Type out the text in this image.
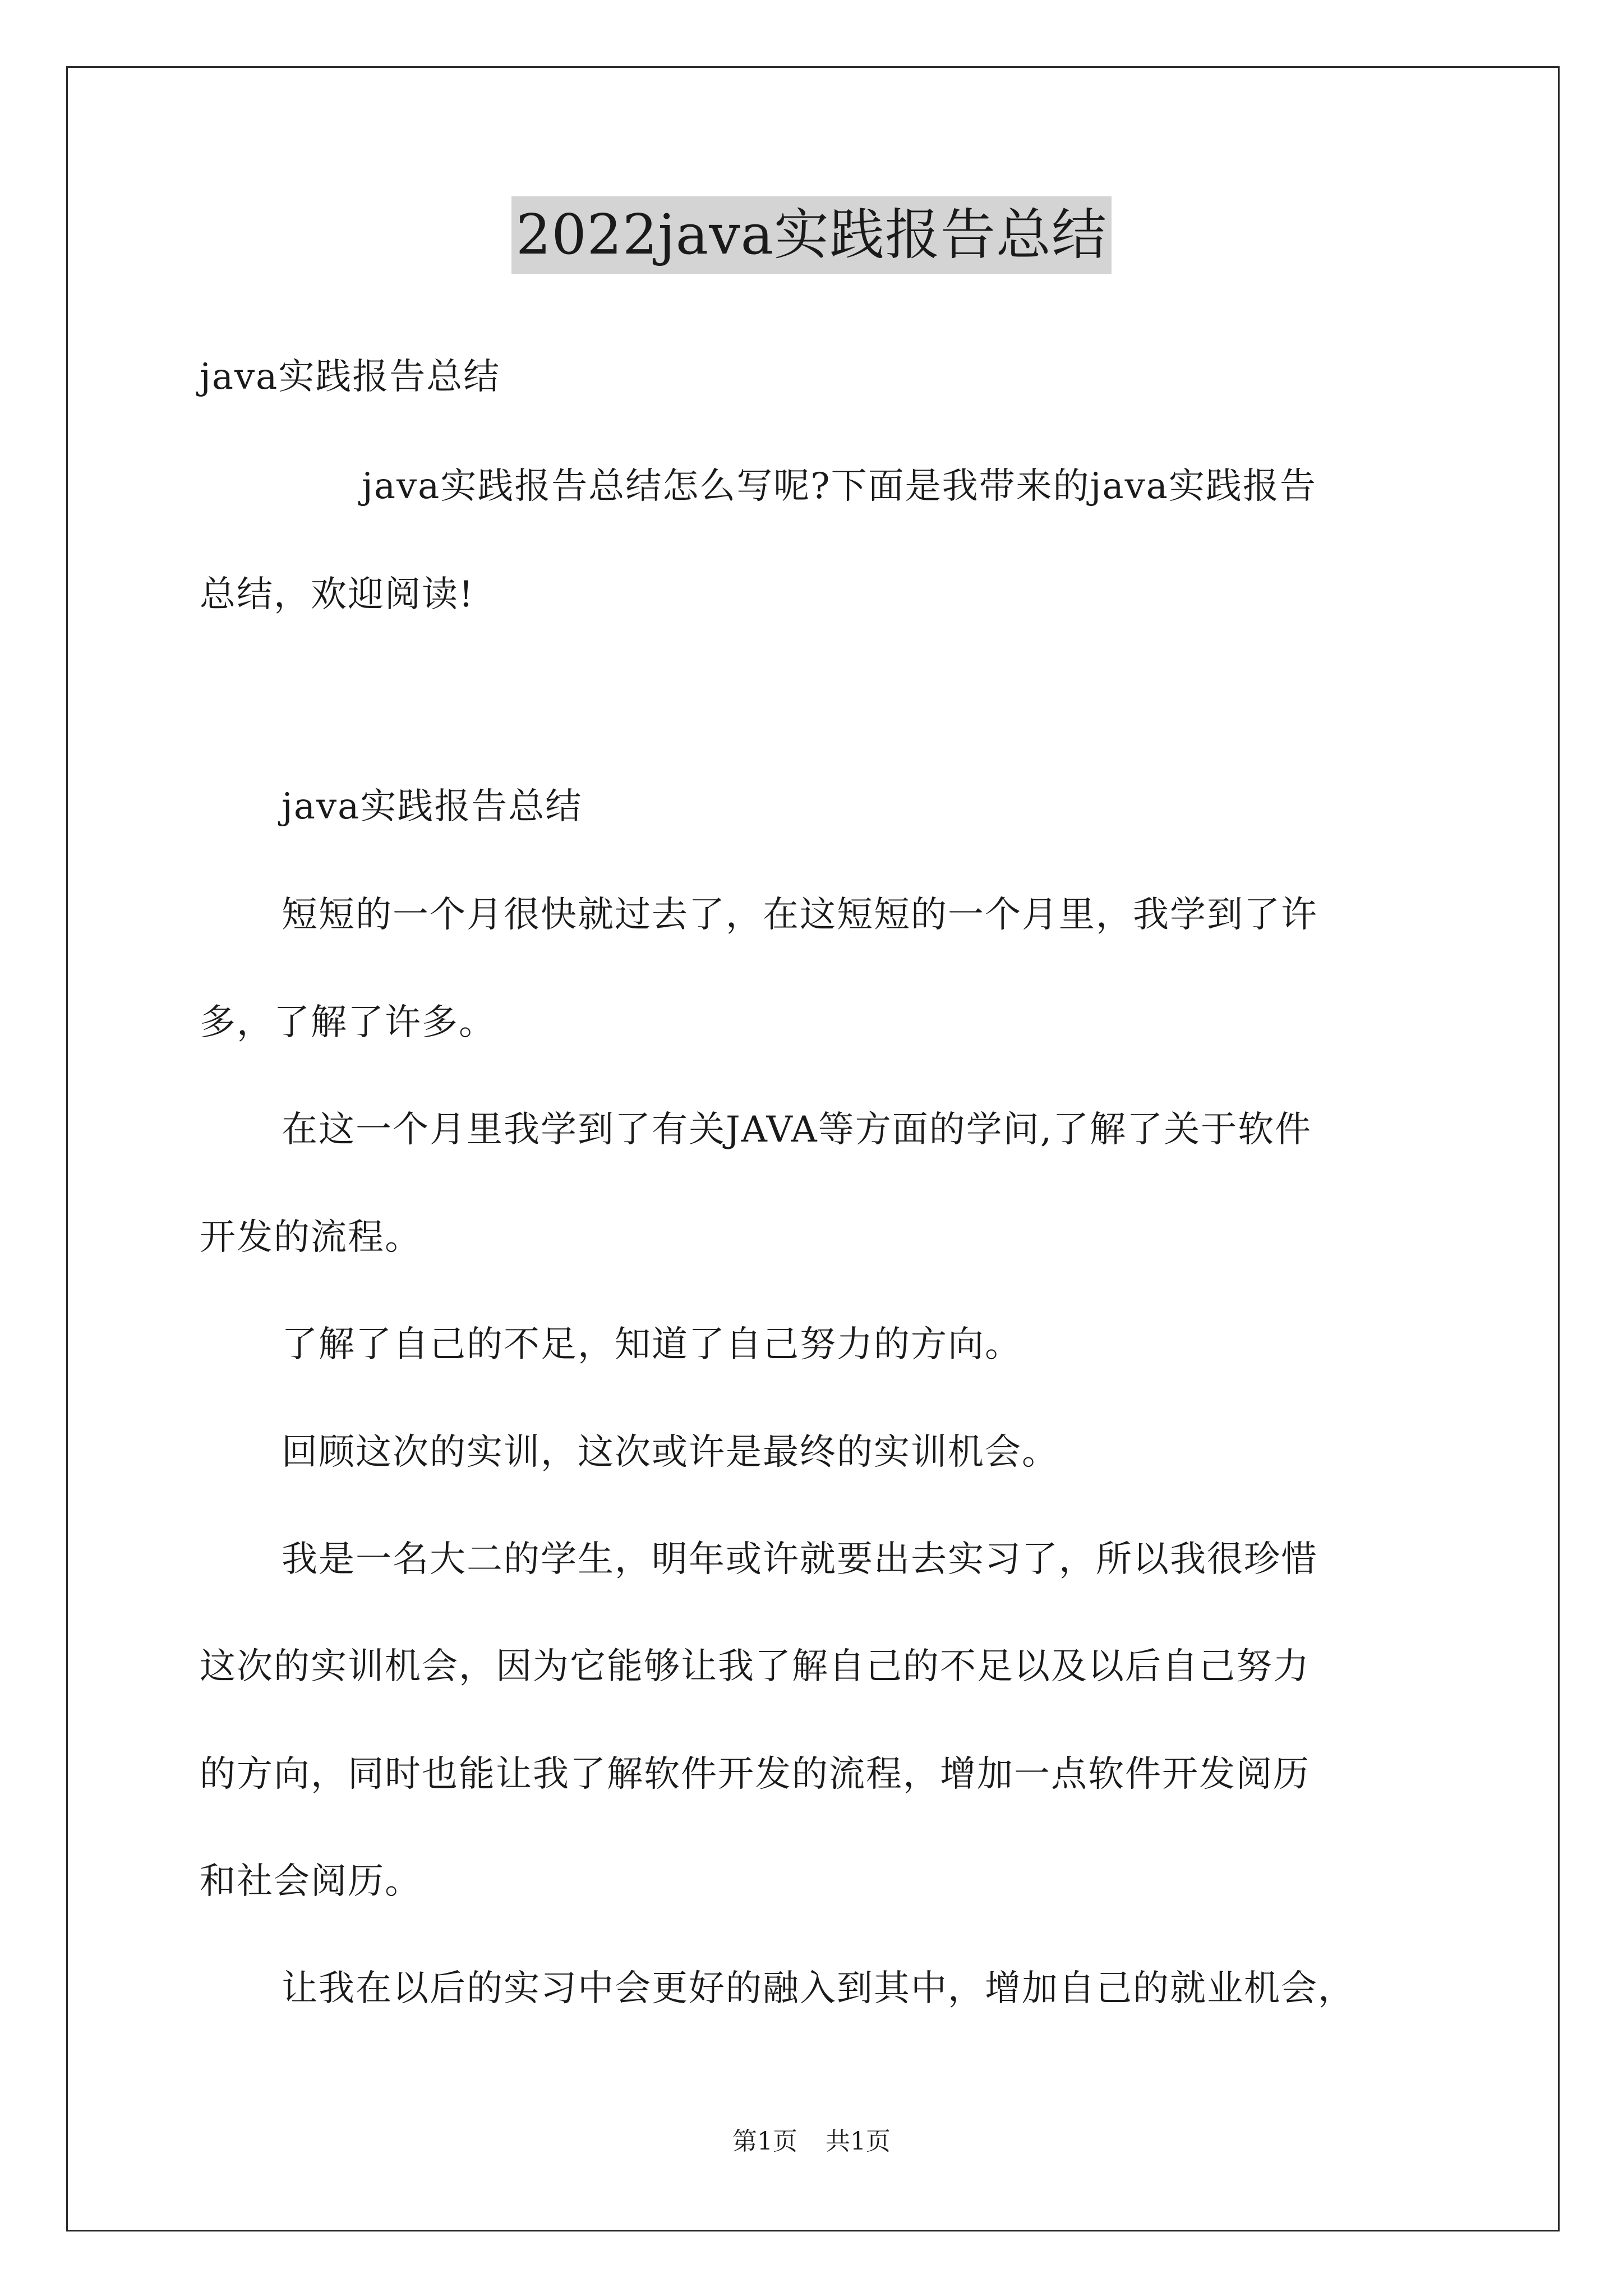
2022java实践报告总结
java实践报告总结
java实践报告总结怎么写呢?下面是我带来的java实践报告
总结，欢迎阅读!
java实践报告总结
短短的一个月很快就过去了，在这短短的一个月里，我学到了许
多，了解了许多。
在这一个月里我学到了有关JAVA等方面的学问,了解了关于软件
开发的流程。
了解了自己的不足，知道了自己努力的方向。
回顾这次的实训，这次或许是最终的实训机会。
我是一名大二的学生，明年或许就要出去实习了，所以我很珍惜
这次的实训机会，因为它能够让我了解自己的不足以及以后自己努力
的方向，同时也能让我了解软件开发的流程，增加一点软件开发阅历
和社会阅历。
让我在以后的实习中会更好的融入到其中，增加自己的就业机会，
第1页 共1页
